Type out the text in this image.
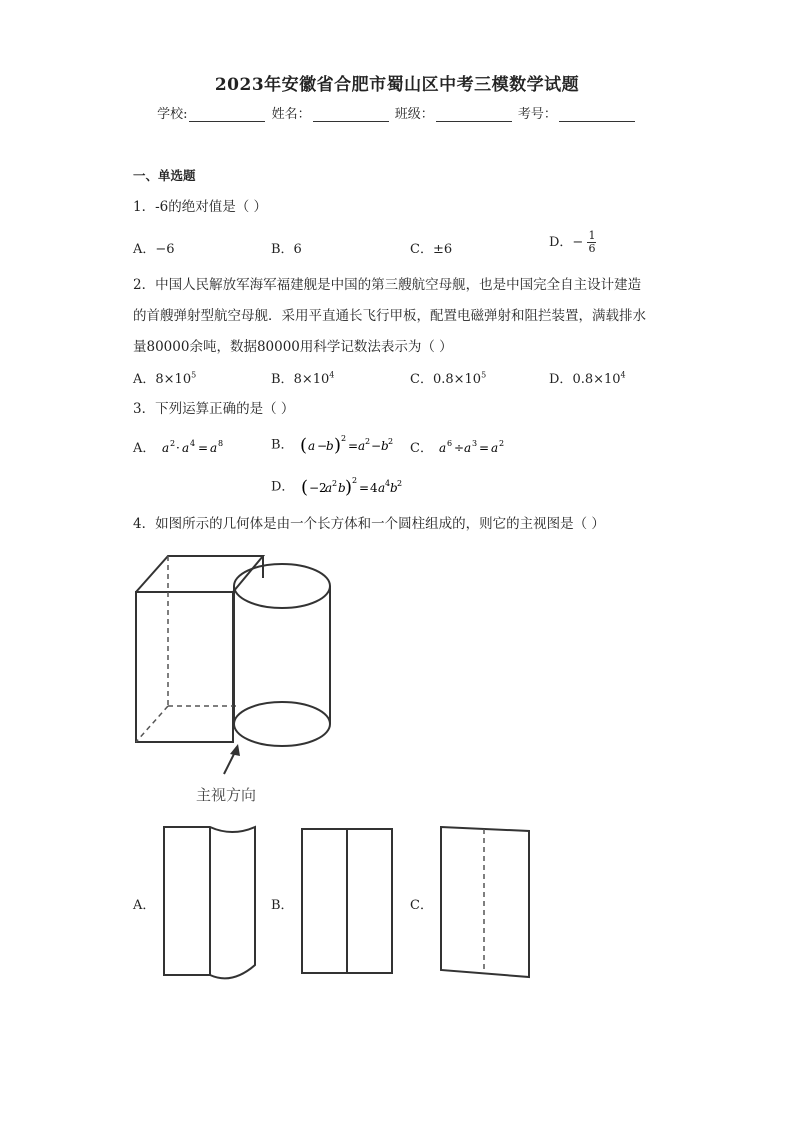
2023年安徽省合肥市蜀山区中考三模数学试题
学校:	姓名：	班级：	考号：
一、单选题
1．-6的绝对值是（ ）
A．−6	B．6	C．±6	D．− $\frac{1}{6}$
2．中国人民解放军海军福建舰是中国的第三艘航空母舰，也是中国完全自主设计建造
的首艘弹射型航空母舰．采用平直通长飞行甲板，配置电磁弹射和阻拦装置，满载排水
量80000余吨，数据80000用科学记数法表示为（ ）
A．$8\times 10^5$	B．$8\times 10^4$	C．$0.8\times 10^5$	D．$0.8\times 10^4$
3．下列运算正确的是（ ）
A． a 2 · a 4 = a 8	B． ( a −
b ) 2
= a 2 − b 2 C． a 6 ÷ a 3 = a 2
D． ( −2
a 2 b ) 2
= 4 a 4 b 2
4．如图所示的几何体是由一个长方体和一个圆柱组成的，则它的主视图是（ ）
主视方向
A．	B．	C．
